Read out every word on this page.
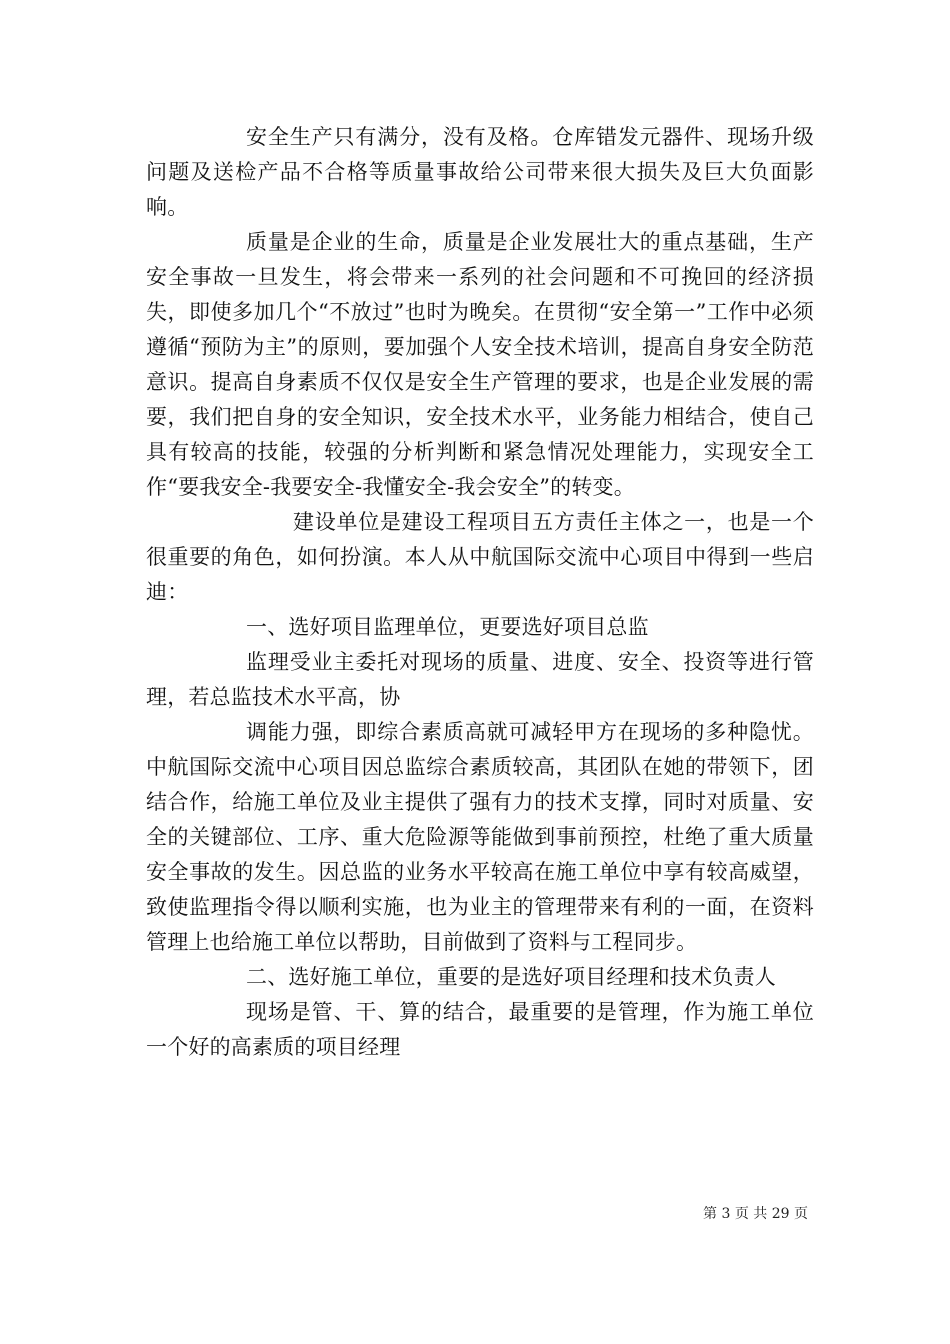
安全生产只有满分，没有及格。仓库错发元器件、现场升级问题及送检产品不合格等质量事故给公司带来很大损失及巨大负面影响。

质量是企业的生命，质量是企业发展壮大的重点基础，生产安全事故一旦发生，将会带来一系列的社会问题和不可挽回的经济损失，即使多加几个“不放过”也时为晚矣。在贯彻“安全第一”工作中必须遵循“预防为主”的原则，要加强个人安全技术培训，提高自身安全防范意识。提高自身素质不仅仅是安全生产管理的要求，也是企业发展的需要，我们把自身的安全知识，安全技术水平，业务能力相结合，使自己具有较高的技能，较强的分析判断和紧急情况处理能力，实现安全工作“要我安全-我要安全-我懂安全-我会安全”的转变。

建设单位是建设工程项目五方责任主体之一，也是一个很重要的角色，如何扮演。本人从中航国际交流中心项目中得到一些启迪：

一、选好项目监理单位，更要选好项目总监

监理受业主委托对现场的质量、进度、安全、投资等进行管理，若总监技术水平高，协

调能力强，即综合素质高就可减轻甲方在现场的多种隐忧。中航国际交流中心项目因总监综合素质较高，其团队在她的带领下，团结合作，给施工单位及业主提供了强有力的技术支撑，同时对质量、安全的关键部位、工序、重大危险源等能做到事前预控，杜绝了重大质量安全事故的发生。因总监的业务水平较高在施工单位中享有较高威望，致使监理指令得以顺利实施，也为业主的管理带来有利的一面，在资料管理上也给施工单位以帮助，目前做到了资料与工程同步。

二、选好施工单位，重要的是选好项目经理和技术负责人

现场是管、干、算的结合，最重要的是管理，作为施工单位一个好的高素质的项目经理

第 3 页 共 29 页
